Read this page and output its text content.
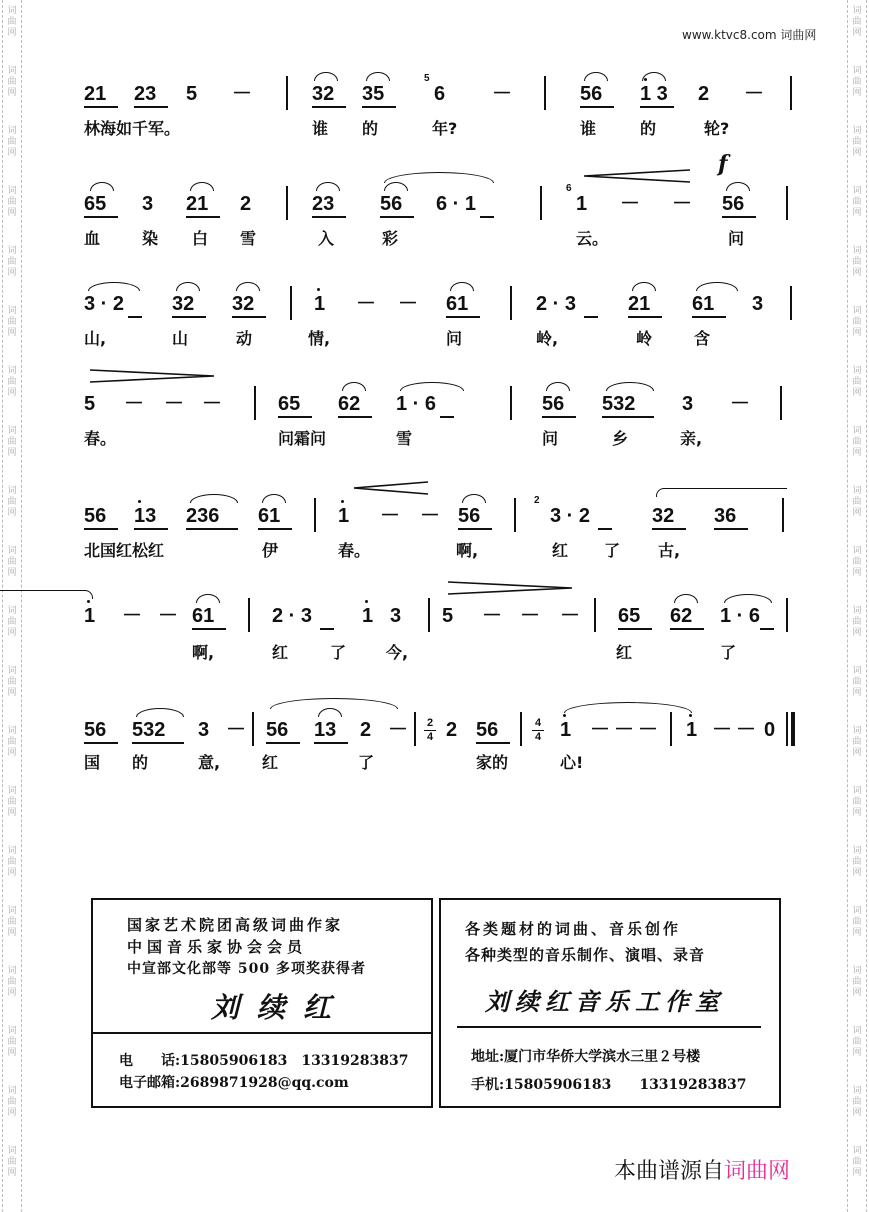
词
曲
网
词
曲
网
词
曲
网
词
曲
网
词
曲
网
词
曲
网
词
曲
网
词
曲
网
词
曲
网
词
曲
网
词
曲
网
词
曲
网
词
曲
网
词
曲
网
词
曲
网
词
曲
网
词
曲
网
词
曲
网
词
曲
网
词
曲
网
词
曲
网
词
曲
网
词
曲
网
词
曲
网
词
曲
网
词
曲
网
词
曲
网
词
曲
网
词
曲
网
词
曲
网
词
曲
网
词
曲
网
词
曲
网
词
曲
网
词
曲
网
词
曲
网
词
曲
网
词
曲
网
词
曲
网
词
曲
网
www.ktvc8.com 词曲网
21 23 5 －	32 35
5
6 －	56 1 3 2 －
林海如千军。	谁 的	年?	谁	的	轮?
f
65 3 21 2	23 56 6 · 1
6
1 － － 56
血	染 白 雪	入	彩	云。	问
3 · 2 32 32	1 － － 61	2 · 3	21 61 3
山,	山	动	情,	问	岭,	岭	含
5 － － －	65 62 1 · 6	56 532 3 －
春。	问霜问	雪	问	乡	亲,
56 13 236 61	1 － － 56
2
3 · 2	32 36
北国红松红	伊	春。	啊,	红 了 古,
1 － － 61	2 · 3 1 3 5 － － － 65 62 1 · 6
啊,	红	了 今,	红	了
56 532 3 － 56 13 2 － 2
4 2 56	4
4 1 － － － 1 － － 0
国 的	意,	红	了	家的	心!
国家艺术院团高级词曲作家
中国音乐家协会会员
中宣部文化部等 500 多项奖获得者
刘续红
电　　话:15805906183　13319283837
电子邮箱:2689871928@qq.com
各类题材的词曲、音乐创作
各种类型的音乐制作、演唱、录音
刘续红音乐工作室
地址:厦门市华侨大学滨水三里２号楼
手机:15805906183　　13319283837
本曲谱源自词曲网
